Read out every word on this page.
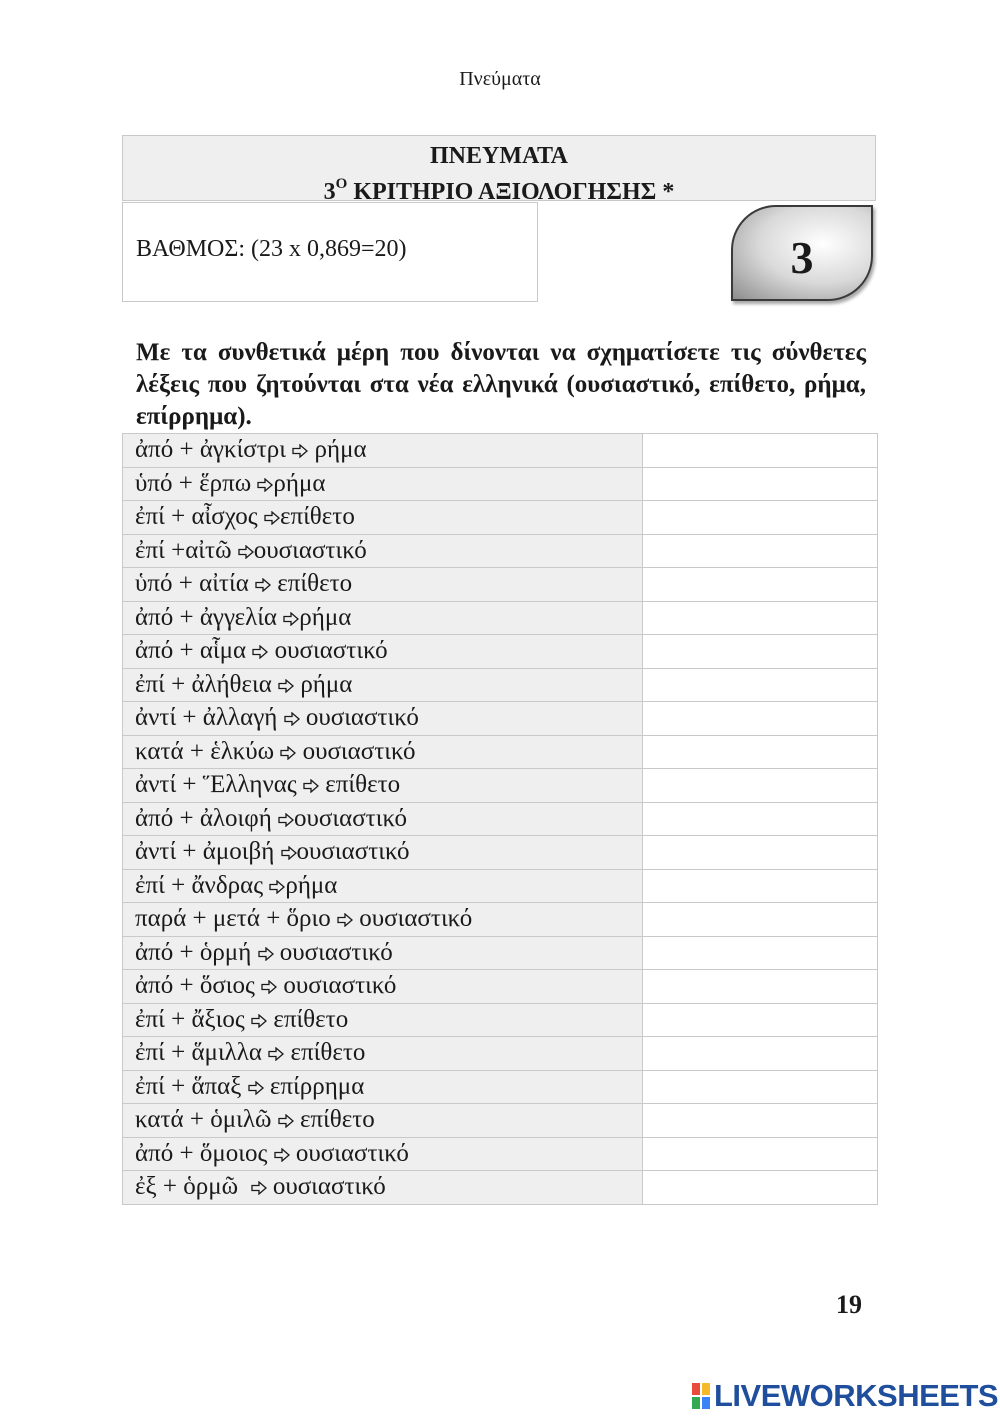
Πνεύματα
ΠΝΕΥΜΑΤΑ
$3^O$ ΚΡΙΤΗΡΙΟ ΑΞΙΟΛΟΓΗΣΗΣ *
ΒΑΘΜΟΣ: (23 x 0,869=20)	3
Με τα συνθετικά μέρη που δίνονται να σχηματίσετε τις σύνθετες λέξεις που ζητούνται στα νέα ελληνικά (ουσιαστικό, επίθετο, ρήμα, επίρρημα).
ἀπό + ἀγκίστρι  ρήμα	
ὑπό + ἕρπω ρήμα	
ἐπί + αἶσχος επίθετο	
ἐπί +αἰτῶ ουσιαστικό	
ὑπό + αἰτία  επίθετο	
ἀπό + ἀγγελία ρήμα	
ἀπό + αἷμα  ουσιαστικό	
ἐπί + ἀλήθεια  ρήμα	
ἀντί + ἀλλαγή  ουσιαστικό	
κατά + ἑλκύω  ουσιαστικό	
ἀντί + Ἕλληνας  επίθετο	
ἀπό + ἀλοιφή ουσιαστικό	
ἀντί + ἀμοιβή ουσιαστικό	
ἐπί + ἄνδρας ρήμα	
παρά + μετά + ὅριο  ουσιαστικό	
ἀπό + ὁρμή  ουσιαστικό	
ἀπό + ὅσιος  ουσιαστικό	
ἐπί + ἄξιος  επίθετο	
ἐπί + ἅμιλλα  επίθετο	
ἐπί + ἅπαξ  επίρρημα	
κατά + ὁμιλῶ  επίθετο	
ἀπό + ὅμοιος  ουσιαστικό	
ἐξ + ὁρμῶ   ουσιαστικό	
19
LIVEWORKSHEETS
